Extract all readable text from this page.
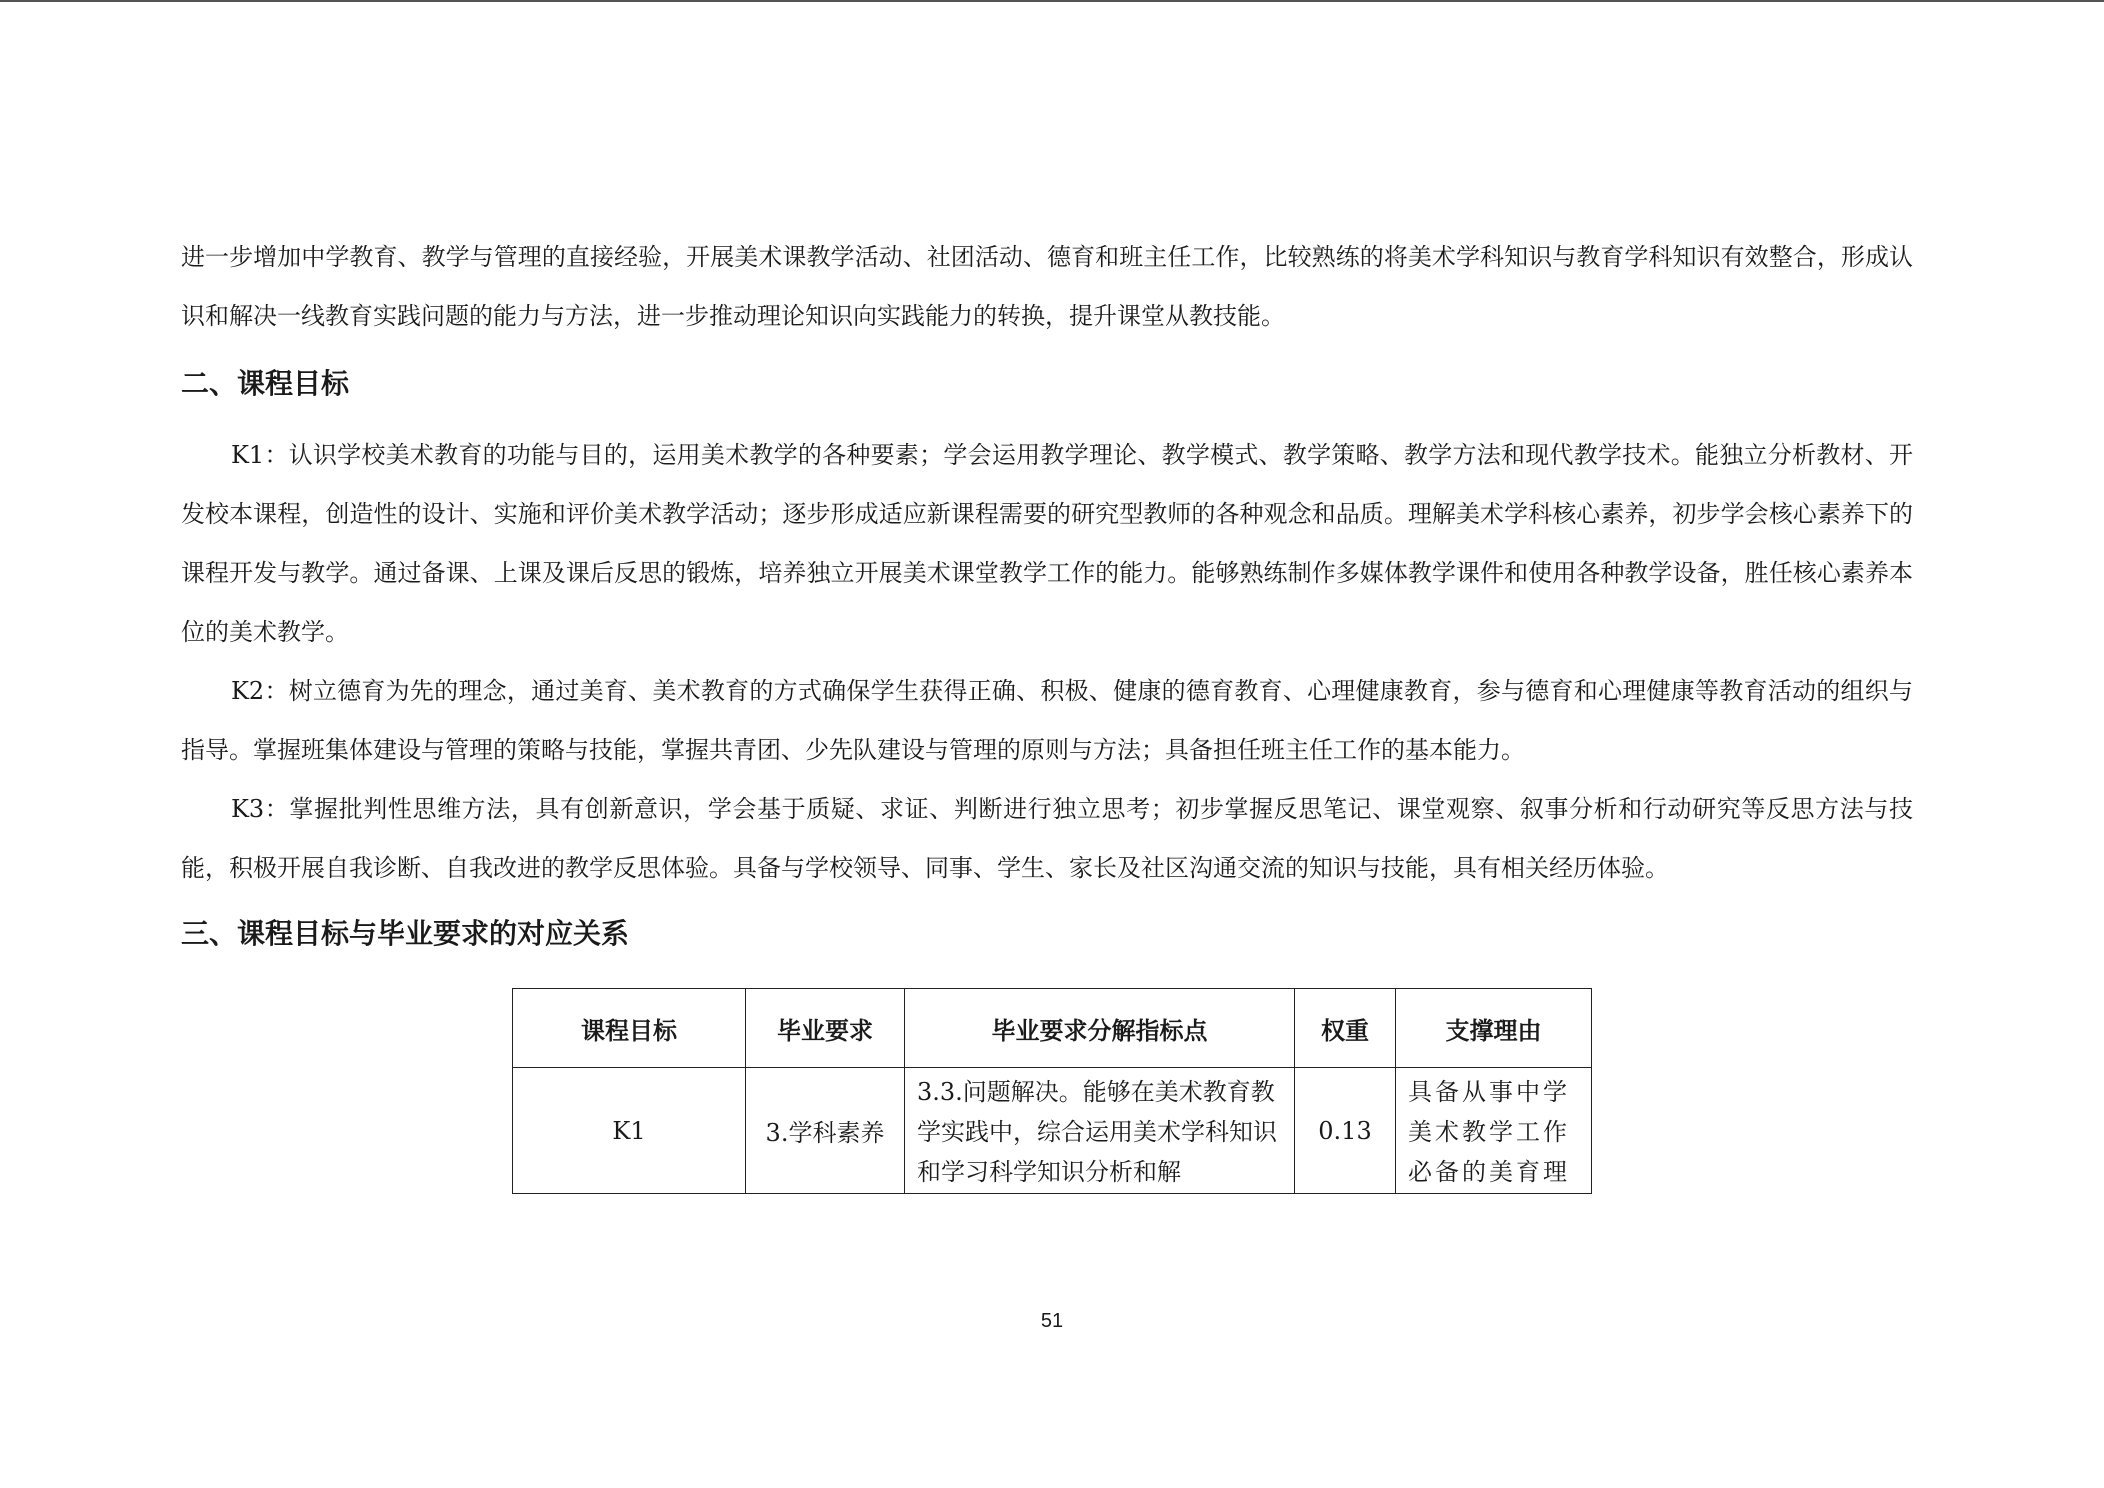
进一步增加中学教育、教学与管理的直接经验，开展美术课教学活动、社团活动、德育和班主任工作，比较熟练的将美术学科知识与教育学科知识有效整合，形成认识和解决一线教育实践问题的能力与方法，进一步推动理论知识向实践能力的转换，提升课堂从教技能。

二、课程目标

K1：认识学校美术教育的功能与目的，运用美术教学的各种要素；学会运用教学理论、教学模式、教学策略、教学方法和现代教学技术。能独立分析教材、开发校本课程，创造性的设计、实施和评价美术教学活动；逐步形成适应新课程需要的研究型教师的各种观念和品质。理解美术学科核心素养，初步学会核心素养下的课程开发与教学。通过备课、上课及课后反思的锻炼，培养独立开展美术课堂教学工作的能力。能够熟练制作多媒体教学课件和使用各种教学设备，胜任核心素养本位的美术教学。

K2：树立德育为先的理念，通过美育、美术教育的方式确保学生获得正确、积极、健康的德育教育、心理健康教育，参与德育和心理健康等教育活动的组织与指导。掌握班集体建设与管理的策略与技能，掌握共青团、少先队建设与管理的原则与方法；具备担任班主任工作的基本能力。

K3：掌握批判性思维方法，具有创新意识，学会基于质疑、求证、判断进行独立思考；初步掌握反思笔记、课堂观察、叙事分析和行动研究等反思方法与技能，积极开展自我诊断、自我改进的教学反思体验。具备与学校领导、同事、学生、家长及社区沟通交流的知识与技能，具有相关经历体验。

三、课程目标与毕业要求的对应关系
课程目标	毕业要求	毕业要求分解指标点	权重	支撑理由
K1	3.学科素养	3.3.问题解决。能够在美术教育教学实践中，综合运用美术学科知识和学习科学知识分析和解	0.13	具备从事中学美术教学工作必备的美育理
51
